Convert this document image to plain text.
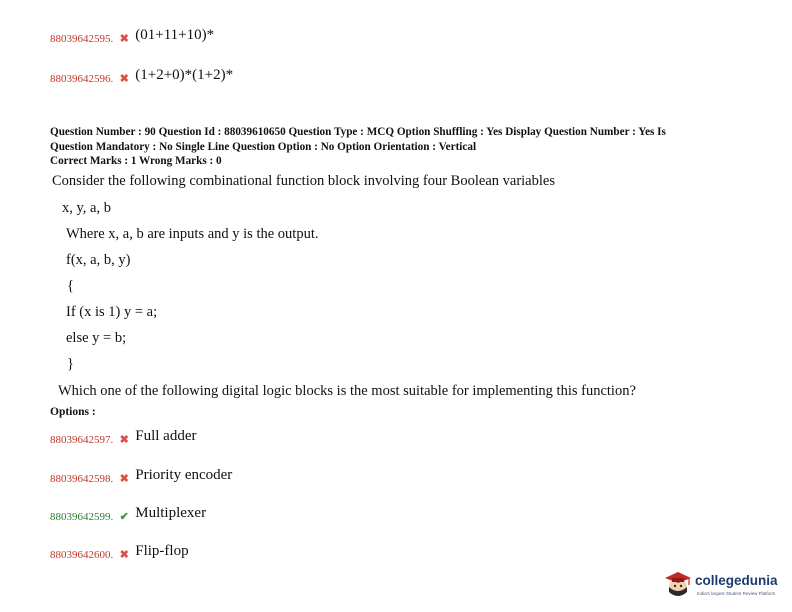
88039642595. ✖ (01+11+10)*
88039642596. ✖ (1+2+0)*(1+2)*
Question Number : 90 Question Id : 88039610650 Question Type : MCQ Option Shuffling : Yes Display Question Number : Yes Is
Question Mandatory : No Single Line Question Option : No Option Orientation : Vertical
Correct Marks : 1 Wrong Marks : 0
Consider the following combinational function block involving four Boolean variables
x, y, a, b
Where x, a, b are inputs and y is the output.
f(x, a, b, y)
{
If (x is 1) y = a;
else y = b;
}
Which one of the following digital logic blocks is the most suitable for implementing this function?
Options :
88039642597. ✖ Full adder
88039642598. ✖ Priority encoder
88039642599. ✔ Multiplexer
88039642600. ✖ Flip-flop
collegedunia
India's largest Student Review Platform
